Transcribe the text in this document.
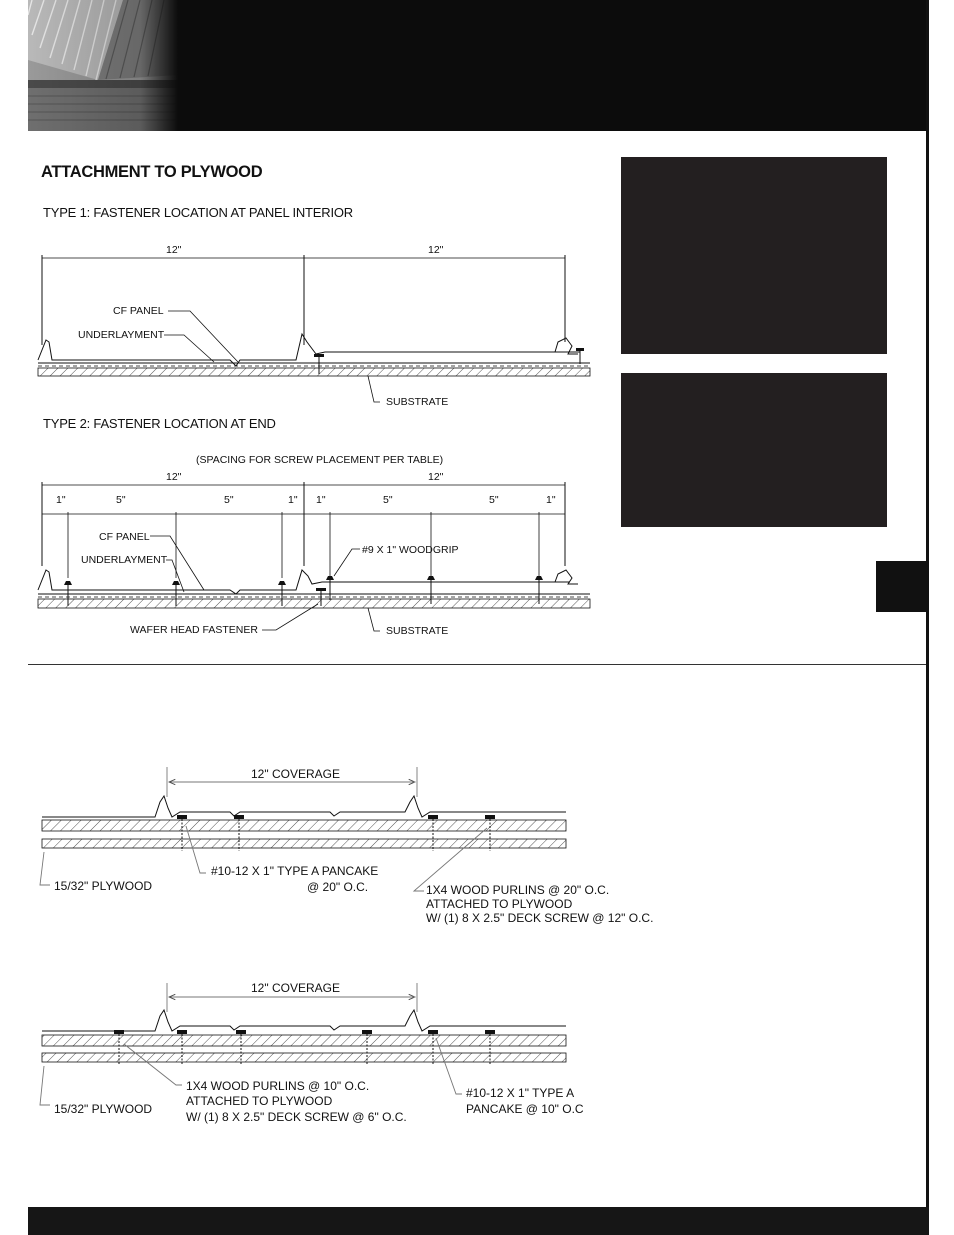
ATTACHMENT TO PLYWOOD
TYPE 1: FASTENER LOCATION AT PANEL INTERIOR
TYPE 2: FASTENER LOCATION AT END
12"	12"
CF PANEL
UNDERLAYMENT
SUBSTRATE
(SPACING FOR SCREW PLACEMENT PER TABLE)
12"	12"
1"	5"	5"	1" 1"	5"	5"	1"
CF PANEL
UNDERLAYMENT
#9 X 1" WOODGRIP
WAFER HEAD FASTENER	SUBSTRATE
12" COVERAGE
15/32" PLYWOOD
#10-12 X 1" TYPE A PANCAKE
@ 20" O.C.	1X4 WOOD PURLINS @ 20" O.C.
ATTACHED TO PLYWOOD
W/ (1) 8 X 2.5" DECK SCREW @ 12" O.C.
12" COVERAGE
15/32" PLYWOOD
1X4 WOOD PURLINS @ 10" O.C.
ATTACHED TO PLYWOOD
W/ (1) 8 X 2.5" DECK SCREW @ 6" O.C.
#10-12 X 1" TYPE A
PANCAKE @ 10" O.C
